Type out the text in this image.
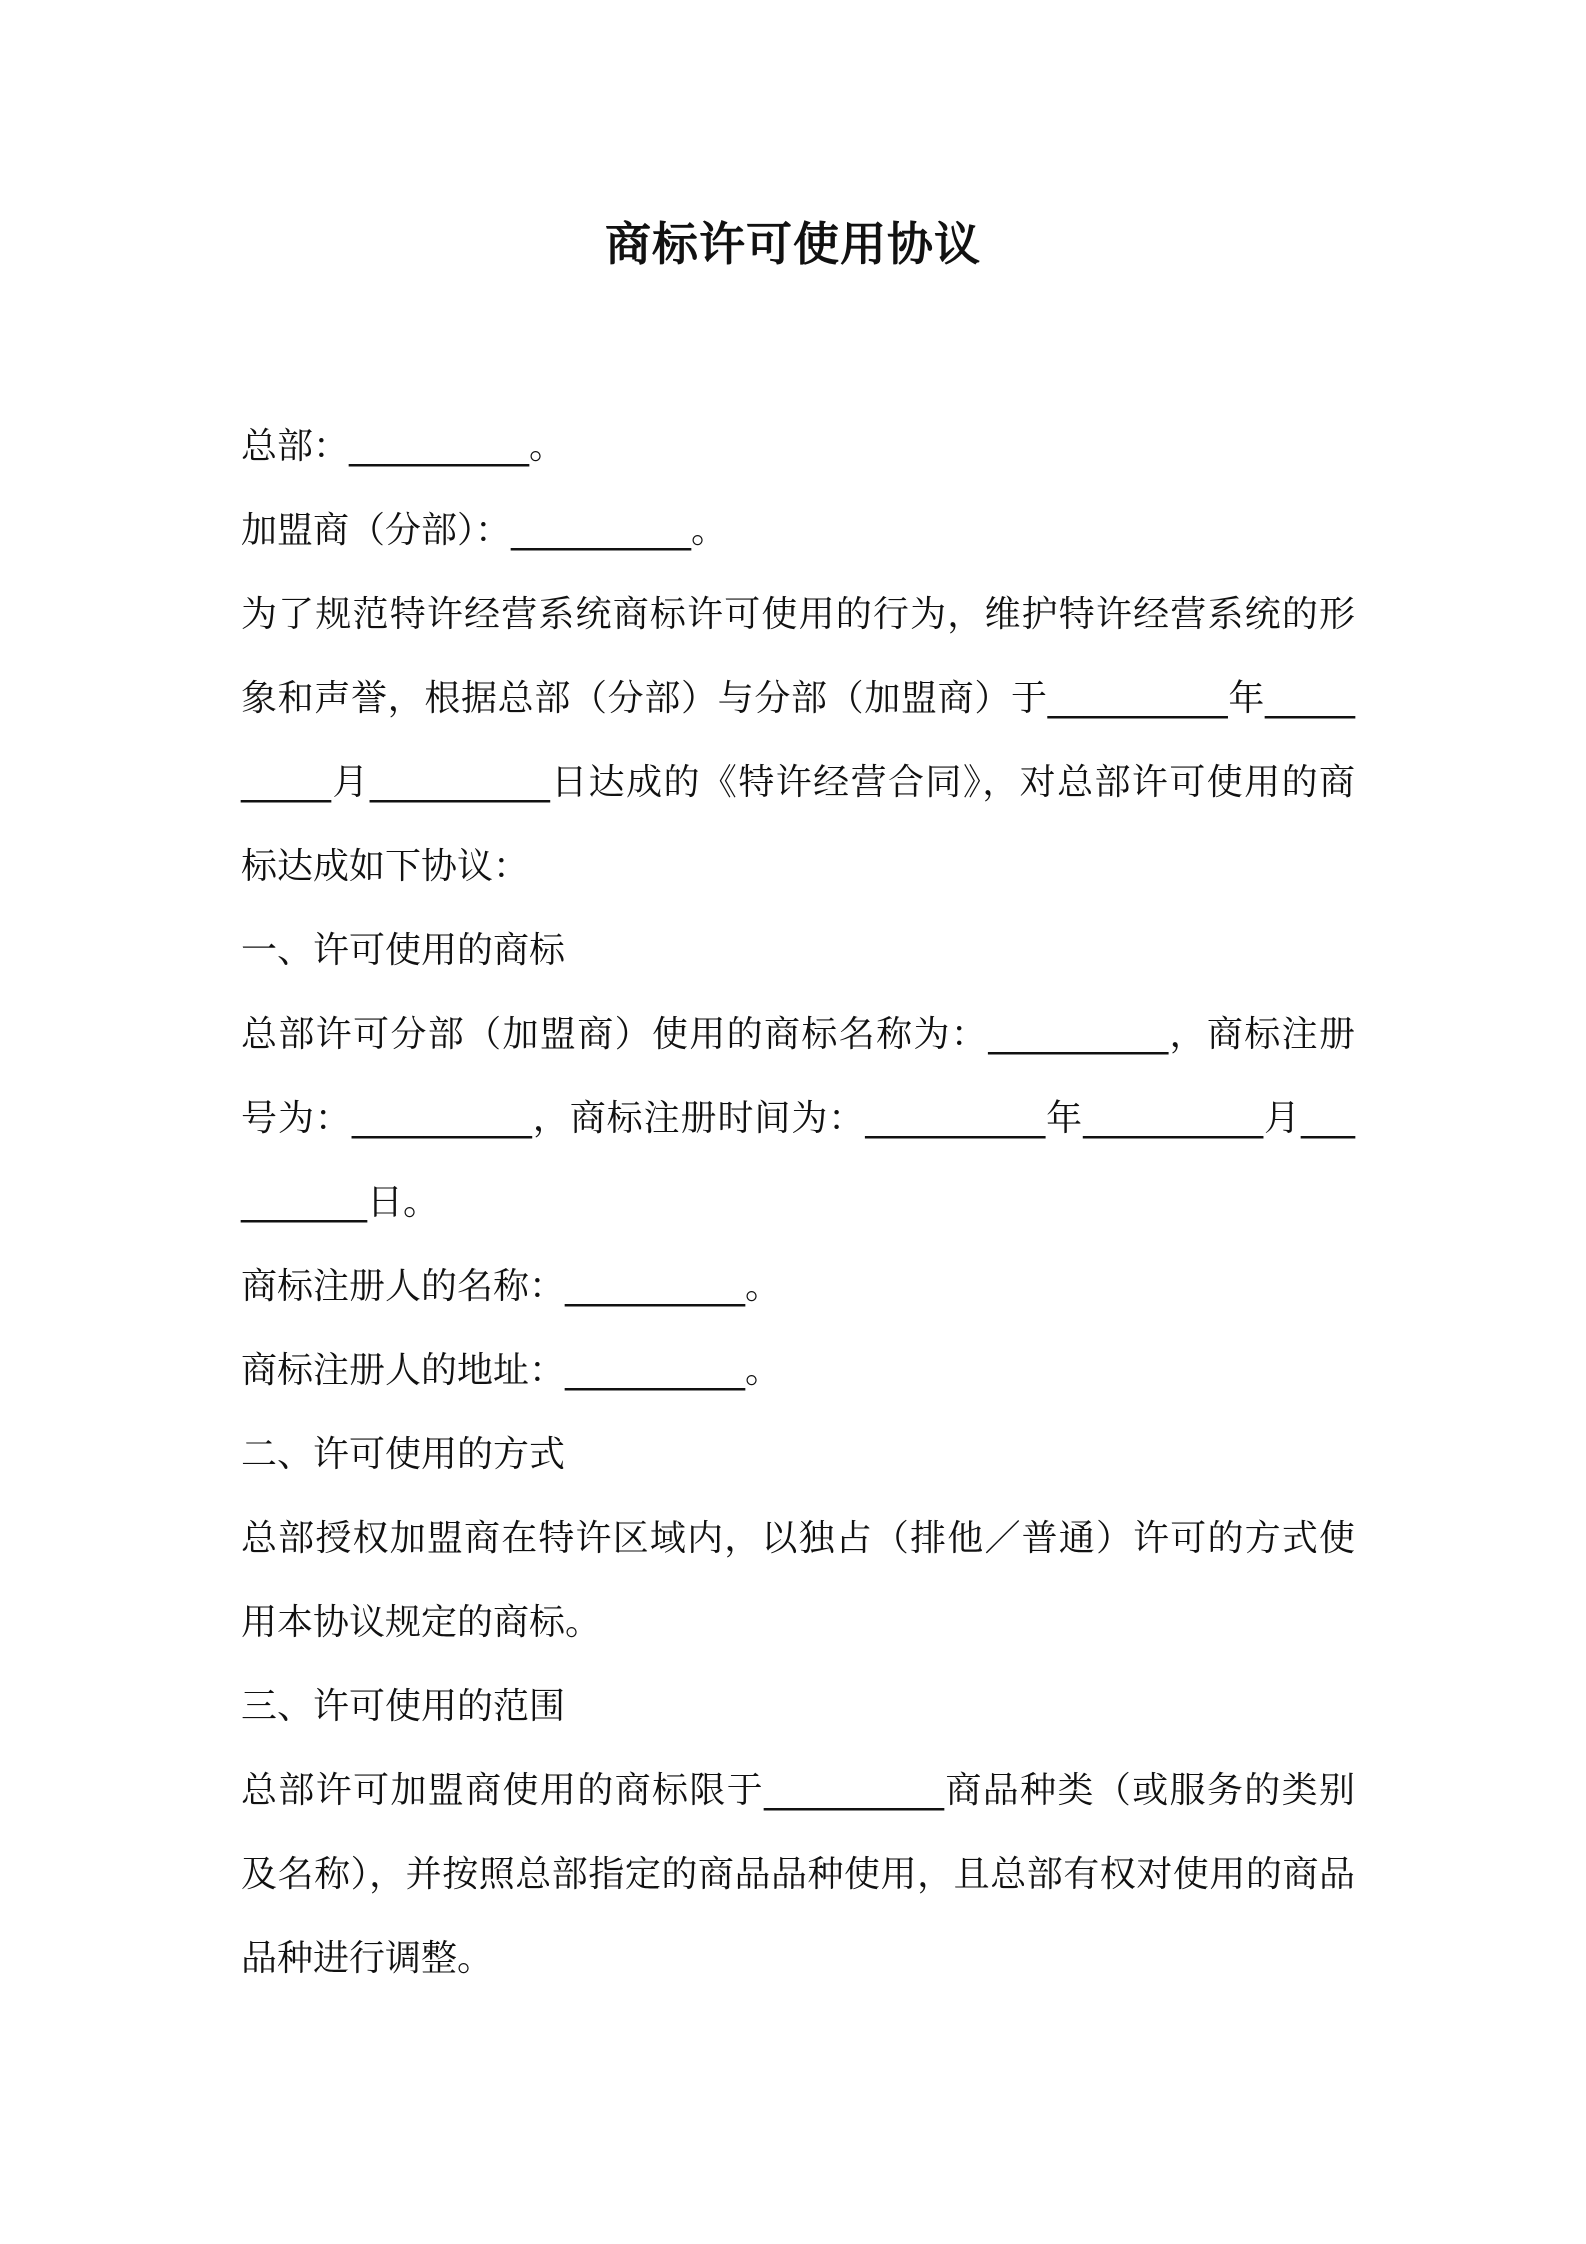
商标许可使用协议

总部：__________。

加盟商（分部）：__________。

为了规范特许经营系统商标许可使用的行为，维护特许经营系统的形象和声誉，根据总部（分部）与分部（加盟商）于__________年__________月__________日达成的《特许经营合同》，对总部许可使用的商标达成如下协议：

一、许可使用的商标

总部许可分部（加盟商）使用的商标名称为：__________，商标注册号为：__________，商标注册时间为：__________年__________月__________日。

商标注册人的名称：__________。

商标注册人的地址：__________。

二、许可使用的方式

总部授权加盟商在特许区域内，以独占（排他／普通）许可的方式使用本协议规定的商标。

三、许可使用的范围

总部许可加盟商使用的商标限于__________商品种类（或服务的类别及名称），并按照总部指定的商品品种使用，且总部有权对使用的商品品种进行调整。
